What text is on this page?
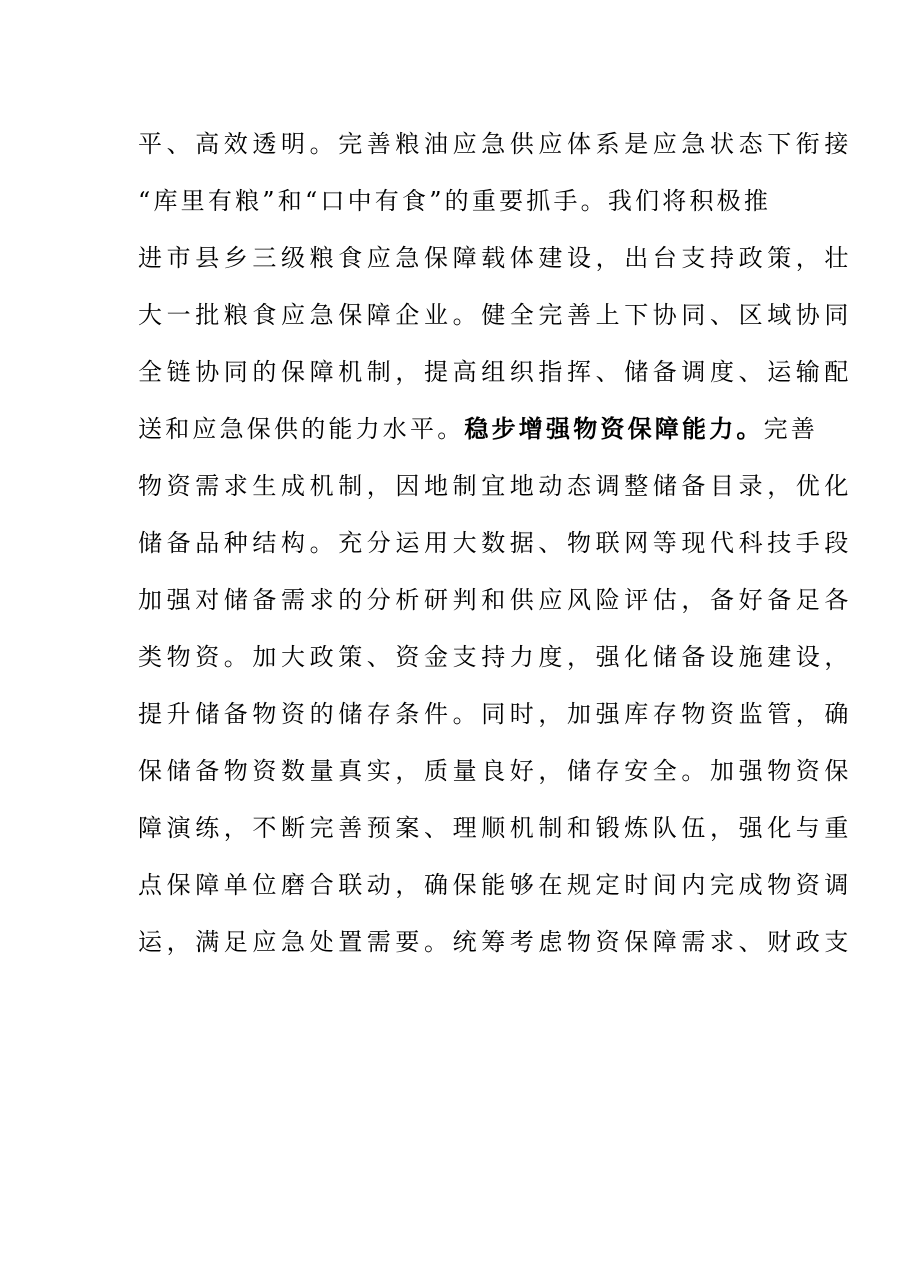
平、高效透明。完善粮油应急供应体系是应急状态下衔接
“库里有粮”和“口中有食”的重要抓手。我们将积极推
进市县乡三级粮食应急保障载体建设，出台支持政策，壮
大一批粮食应急保障企业。健全完善上下协同、区域协同
全链协同的保障机制，提高组织指挥、储备调度、运输配
送和应急保供的能力水平。稳步增强物资保障能力。完善
物资需求生成机制，因地制宜地动态调整储备目录，优化
储备品种结构。充分运用大数据、物联网等现代科技手段
加强对储备需求的分析研判和供应风险评估，备好备足各
类物资。加大政策、资金支持力度，强化储备设施建设，
提升储备物资的储存条件。同时，加强库存物资监管，确
保储备物资数量真实，质量良好，储存安全。加强物资保
障演练，不断完善预案、理顺机制和锻炼队伍，强化与重
点保障单位磨合联动，确保能够在规定时间内完成物资调
运，满足应急处置需要。统筹考虑物资保障需求、财政支
